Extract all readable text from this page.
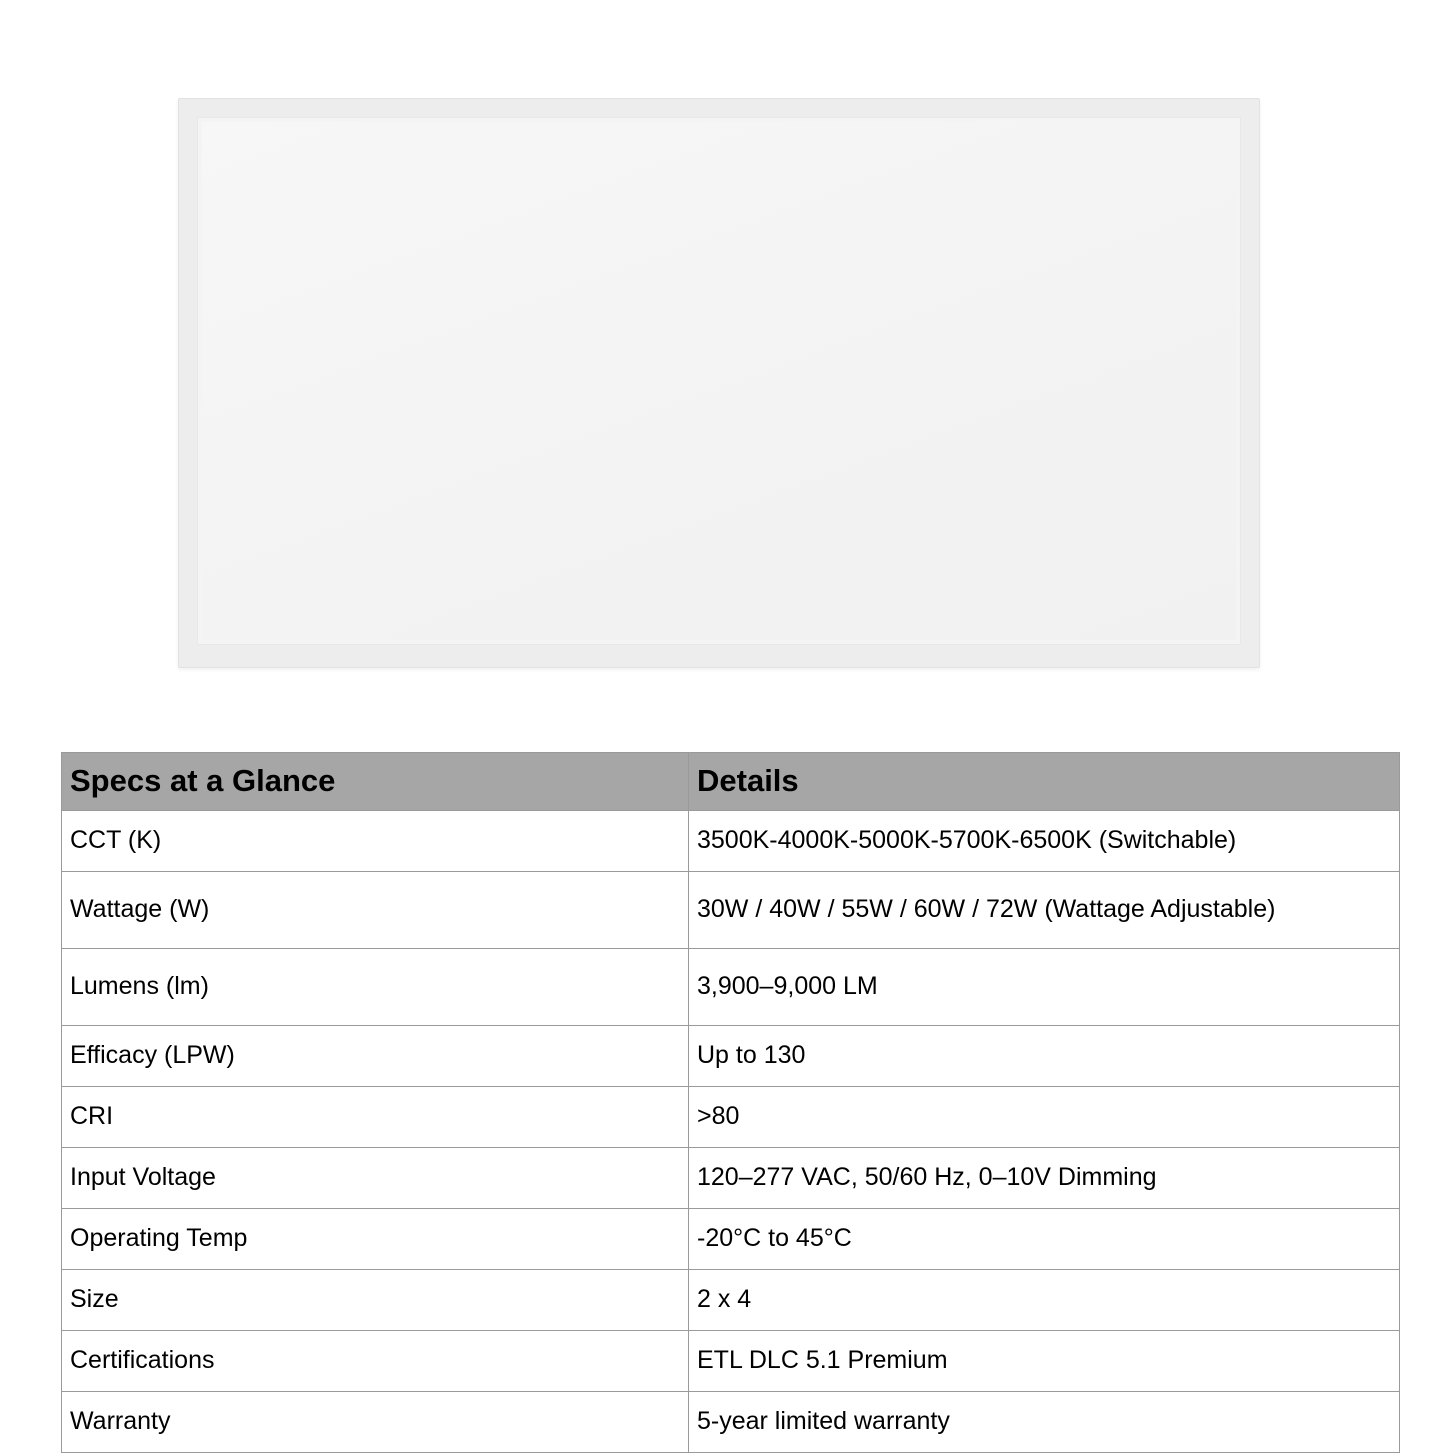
Specs at a Glance	Details
CCT (K)	3500K-4000K-5000K-5700K-6500K (Switchable)
Wattage (W)	30W / 40W / 55W / 60W / 72W (Wattage Adjustable)
Lumens (lm)	3,900–9,000 LM
Efficacy (LPW)	Up to 130
CRI	>80
Input Voltage	120–277 VAC, 50/60 Hz, 0–10V Dimming
Operating Temp	-20°C to 45°C
Size	2 x 4
Certifications	ETL DLC 5.1 Premium
Warranty	5-year limited warranty
